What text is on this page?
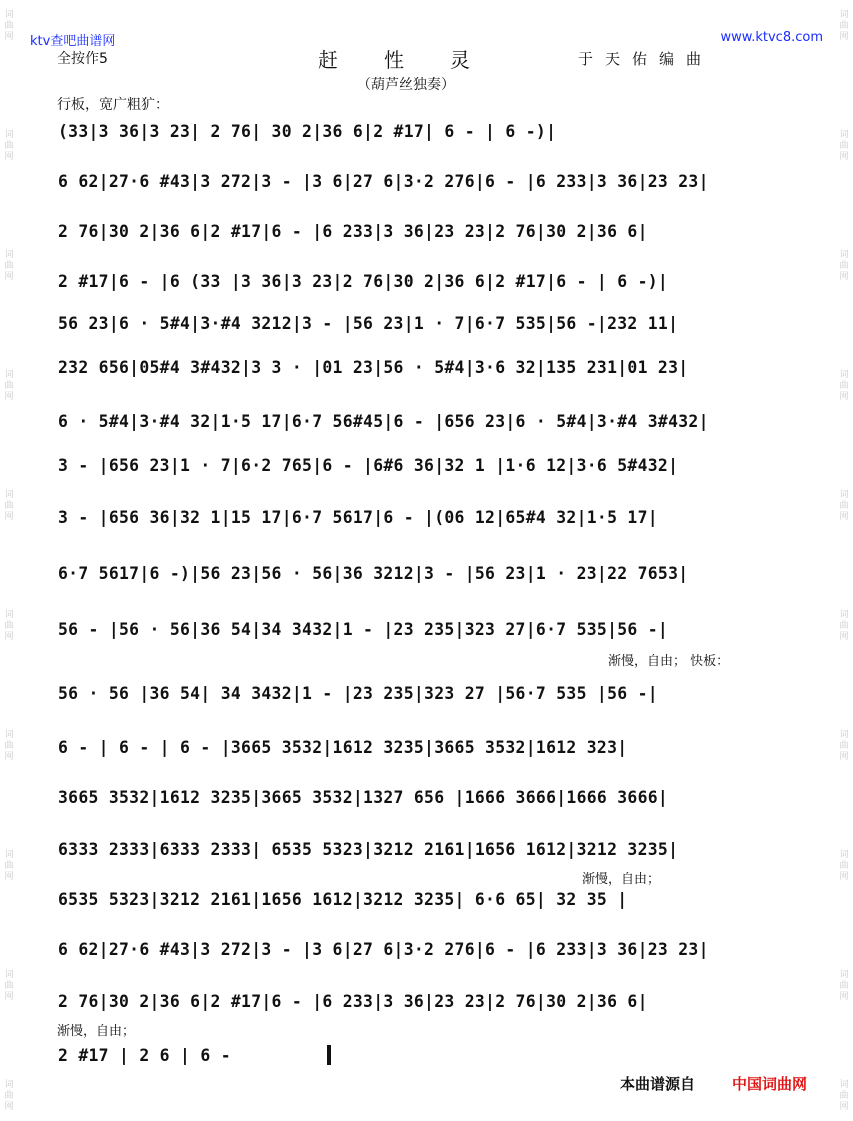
词曲网
词曲网
词曲网
词曲网
词曲网
词曲网
词曲网
词曲网
词曲网
词曲网
词曲网
词曲网
词曲网
词曲网
词曲网
词曲网
词曲网
词曲网
词曲网
词曲网
ktv查吧曲谱网	www.ktvc8.com
全按作5	赶性灵	于天佑编曲
（葫芦丝独奏）
行板，宽广粗犷：
(33|3 36|3 23| 2 76| 30 2|36 6|2 #17| 6 - | 6 -)|
6 62|27·6 #43|3 272|3 - |3 6|27 6|3·2 276|6 - |6 233|3 36|23 23|
2 76|30 2|36 6|2 #17|6 - |6 233|3 36|23 23|2 76|30 2|36 6|
2 #17|6 - |6 (33 |3 36|3 23|2 76|30 2|36 6|2 #17|6 - | 6 -)|
56 23|6 · 5#4|3·#4 3212|3 - |56 23|1 · 7|6·7 535|56 -|232 11|
232 656|05#4 3#432|3 3 · |01 23|56 · 5#4|3·6 32|135 231|01 23|
6 · 5#4|3·#4 32|1·5 17|6·7 56#45|6 - |656 23|6 · 5#4|3·#4 3#432|
3 - |656 23|1 · 7|6·2 765|6 - |6#6 36|32 1 |1·6 12|3·6 5#432|
3 - |656 36|32 1|15 17|6·7 5617|6 - |(06 12|65#4 32|1·5 17|
6·7 5617|6 -)|56 23|56 · 56|36 3212|3 - |56 23|1 · 23|22 7653|
56 - |56 · 56|36 54|34 3432|1 - |23 235|323 27|6·7 535|56 -|
渐慢，自由； 快板：
56 · 56 |36 54| 34 3432|1 - |23 235|323 27 |56·7 535 |56 -|
6 - | 6 - | 6 - |3665 3532|1612 3235|3665 3532|1612 323|
3665 3532|1612 3235|3665 3532|1327 656 |1666 3666|1666 3666|
6333 2333|6333 2333| 6535 5323|3212 2161|1656 1612|3212 3235|
渐慢，自由；
6535 5323|3212 2161|1656 1612|3212 3235| 6·6 65| 32 35 |
6 62|27·6 #43|3 272|3 - |3 6|27 6|3·2 276|6 - |6 233|3 36|23 23|
2 76|30 2|36 6|2 #17|6 - |6 233|3 36|23 23|2 76|30 2|36 6|
渐慢，自由；
2 #17 | 2 6 | 6 -
本曲谱源自 中国词曲网
